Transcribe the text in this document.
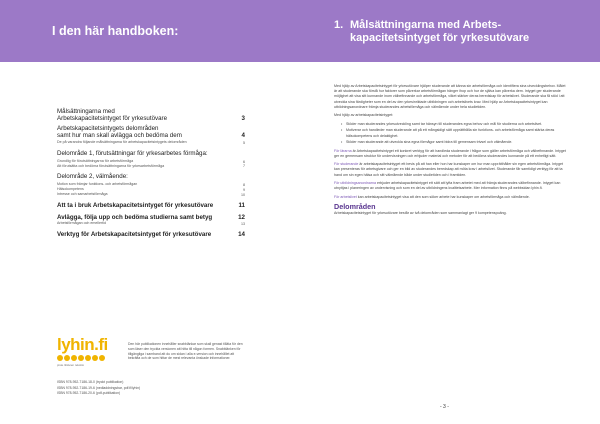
I den här handboken:	1. Målsättningarna med Arbets-
kapacitetsintyget för yrkesutövare
Målsättningarna med
Arbetskapacitetsintyget för yrkesutövare	3
Arbetskapacitetsintygets delområden
samt hur man skall avlägga och bedöma dem	4
De på varandra följande målsättningarna för arbetskapacitetsintygets delområden	5
Delområde 1, förutsättningar för yrkesarbetes förmåga:
Grundlig för förutsättningarna för arbetsförmåga	6
Att förutsätta och bedöma förutsättningarna för yrkesarbetsförmåga	7
Delområde 2, välmående:
Motion som främjar funktions- och arbetsförmågan	8
Hälsokompetens	9
Intresse och samarbetsförmåga	10
Att ta i bruk Arbetskapacitetsintyget för yrkesutövare	11
Avlägga, följa upp och bedöma studierna samt betyg	12
Arbetsförmågan och emellertid	13
Verktyg för Arbetskapacitetsintyget för yrkesutövare	14
lyhin.fi
piste liitävien tekstiä
Den här publikationen innehåller snabblänkar som skall genast tilläta för den som läser den tryckta versionen att hitta till någon formen. Snabblänken för tillgängliga i samband att du om sidan i alla e-version och innehållet att bekräfta och de som hittar de mest relevanta önskade informationer.
ISBN 978-952-7186-18-0 (tryckt publikation)
ISBN 978-952-7186-19-6 (nedladdningsbar, pdf.fi/lyhin)
ISBN 978-952-7186-20-6 (pdf-publikation)

Med hjälp av Arbetskapacitetsintyget för yrkesutövare hjälper studerande att känna sin arbetsförmåga och identifiera sina utvecklingsbehov. Målet är att studerande ska förstå hur faktorer som påverkar arbetsförmågan hänger ihop och hur de själva kan påverka dem. Intyget ger studerande möjlighet att visa sitt kunnande inom välbefinnande och arbetsförmåga, vilket stärker deras beredskap för arbetslivet. Studerande ska få stöd i att utveckla sina färdigheter som en del av den yrkesinriktade utbildningen och arbetslivets krav. Med hjälp av Arbetskapacitetsintyget kan utbildningsanordnare främja studerandes arbetsförmåga och välmående under hela studietiden.

Med hjälp av arbetskapacitetsintyget:

• Stöder man studerandes yrkesutveckling samt tar hänsyn till studerandes egna behov och mål för studierna och arbetslivet.
• Motiverar och handleder man studerande att på ett mångsidigt sätt upprätthålla sin funktions- och arbetsförmåga samt stärka deras hälsokompetens och delaktighet.
• Stöder man studerande att utveckla sina egna förmågor samt bidra till gemensam trivsel och välmående.

För lärarna är Arbetskapacitetsintyget ett konkret verktyg för att handleda studerande i frågor som gäller arbetsförmåga och välbefinnande. Intyget ger en gemensam struktur för undervisningen och erbjuder material och metoder för att bedöma studerandes kunnande på ett enhetligt sätt.

För studerande är arbetskapacitetsintyget ett bevis på att han eller hon har kunskaper om hur man upprätthåller sin egen arbetsförmåga. Intyget kan presenteras för arbetsgivare och ger en bild av studerandes beredskap att möta krav i arbetslivet. Studerande får samtidigt verktyg för att ta hand om sin egen hälsa och sitt välmående både under studietiden och i framtiden.

För utbildningsanordnarna erbjuder arbetskapacitetsintyget ett sätt att lyfta fram arbetet med att främja studerandes välbefinnande. Intyget kan utnyttjas i planeringen av undervisning och som en del av utbildningens kvalitetsarbete. Mer information finns på webbsidan lyhin.fi.

För arbetslivet kan arbetskapacitetsintyget visa att den som söker arbete har kunskaper om arbetsförmåga och välmående.

Delområden

Arbetskapacitetsintyget för yrkesutövare består av två delområden som sammanlagt ger 9 kompetenspoäng.

- 3 -
